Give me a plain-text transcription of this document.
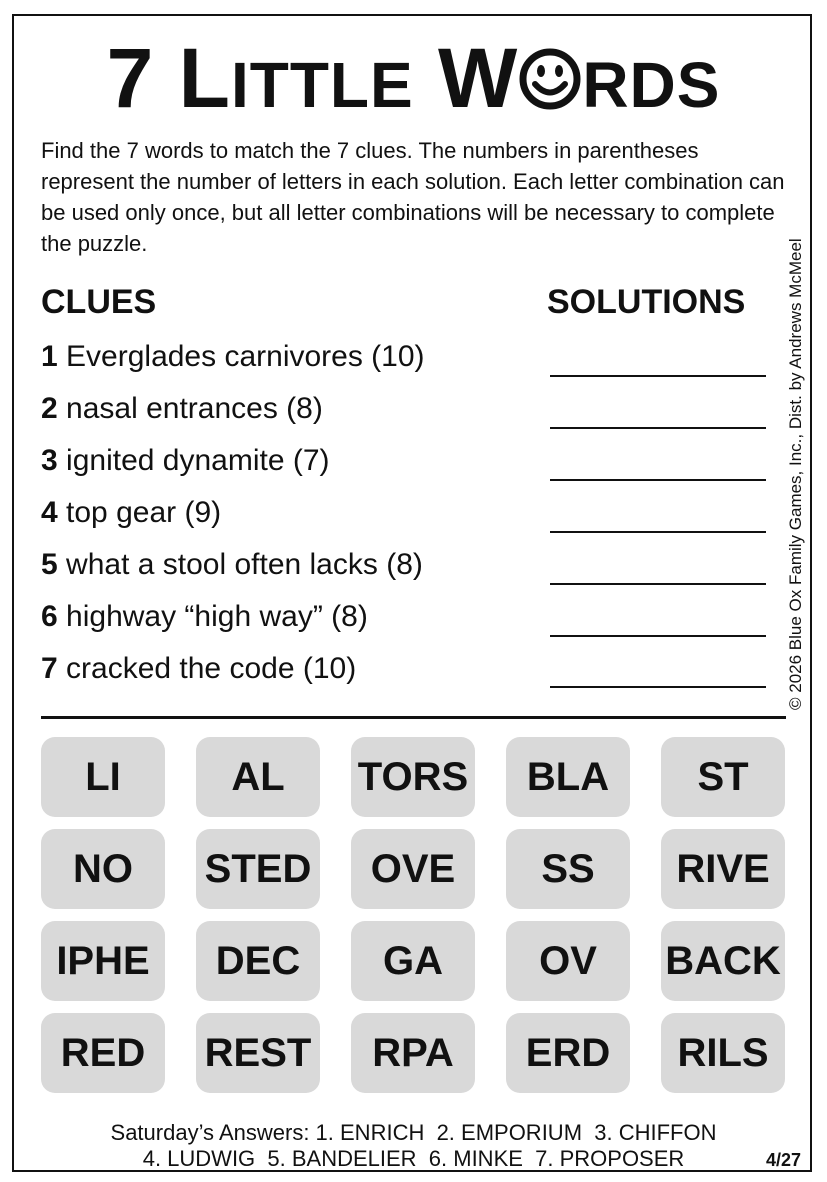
7 LITTLE W RDS
Find the 7 words to match the 7 clues. The numbers in parentheses represent the number of letters in each solution. Each letter combination can be used only once, but all letter combinations will be necessary to complete the puzzle.	© 2026 Blue Ox Family Games, Inc., Dist. by Andrews McMeel
CLUES	SOLUTIONS
1 Everglades carnivores (10)
2 nasal entrances (8)
3 ignited dynamite (7)
4 top gear (9)
5 what a stool often lacks (8)
6 highway “high way” (8)
7 cracked the code (10)
LI	AL	TORS	BLA	ST
NO	STED	OVE	SS	RIVE
IPHE	DEC	GA	OV	BACK
RED	REST	RPA	ERD	RILS
Saturday’s Answers: 1. ENRICH  2. EMPORIUM  3. CHIFFON
4. LUDWIG  5. BANDELIER  6. MINKE  7. PROPOSER	4/27
